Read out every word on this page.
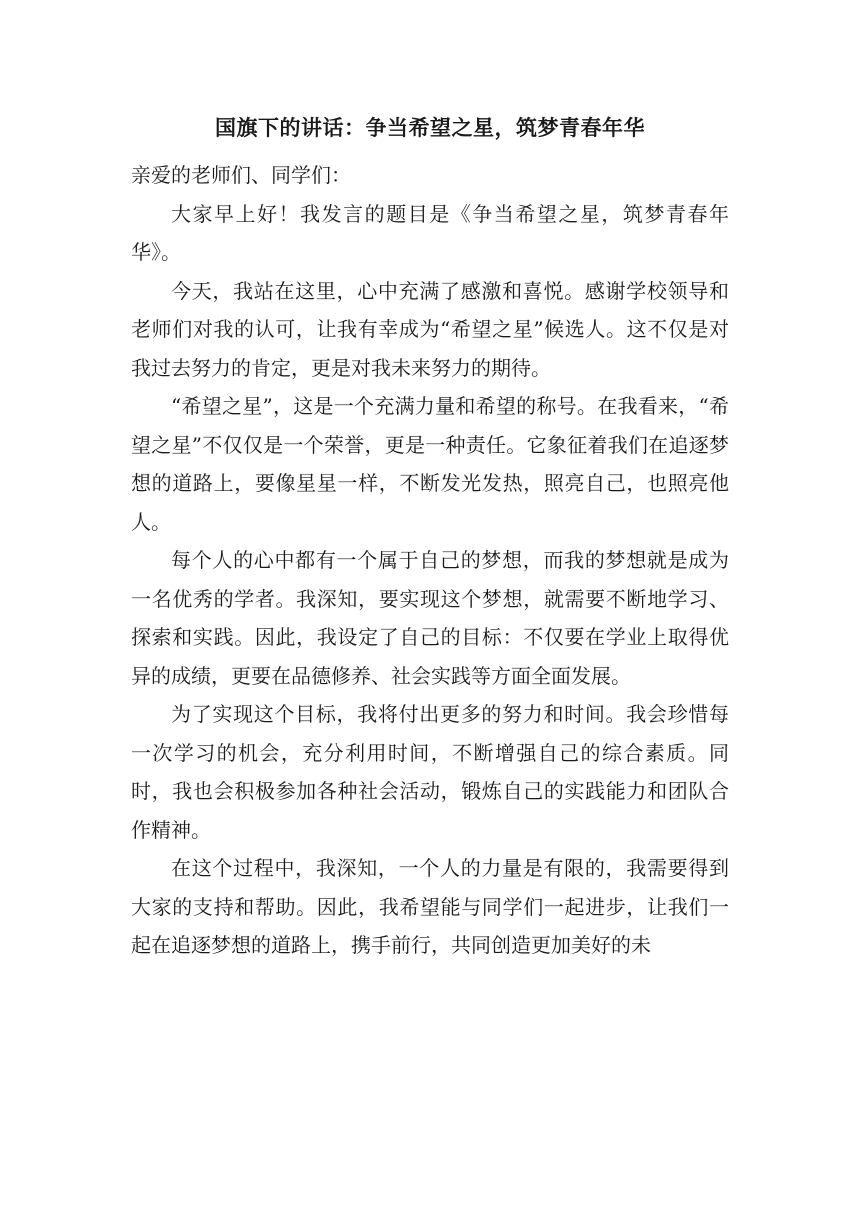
国旗下的讲话：争当希望之星，筑梦青春年华
亲爱的老师们、同学们：

大家早上好！我发言的题目是《争当希望之星，筑梦青春年华》。

今天，我站在这里，心中充满了感激和喜悦。感谢学校领导和老师们对我的认可，让我有幸成为“希望之星”候选人。这不仅是对我过去努力的肯定，更是对我未来努力的期待。

“希望之星”，这是一个充满力量和希望的称号。在我看来，“希望之星”不仅仅是一个荣誉，更是一种责任。它象征着我们在追逐梦想的道路上，要像星星一样，不断发光发热，照亮自己，也照亮他人。

每个人的心中都有一个属于自己的梦想，而我的梦想就是成为一名优秀的学者。我深知，要实现这个梦想，就需要不断地学习、探索和实践。因此，我设定了自己的目标：不仅要在学业上取得优异的成绩，更要在品德修养、社会实践等方面全面发展。

为了实现这个目标，我将付出更多的努力和时间。我会珍惜每一次学习的机会，充分利用时间，不断增强自己的综合素质。同时，我也会积极参加各种社会活动，锻炼自己的实践能力和团队合作精神。

在这个过程中，我深知，一个人的力量是有限的，我需要得到大家的支持和帮助。因此，我希望能与同学们一起进步，让我们一起在追逐梦想的道路上，携手前行，共同创造更加美好的未
